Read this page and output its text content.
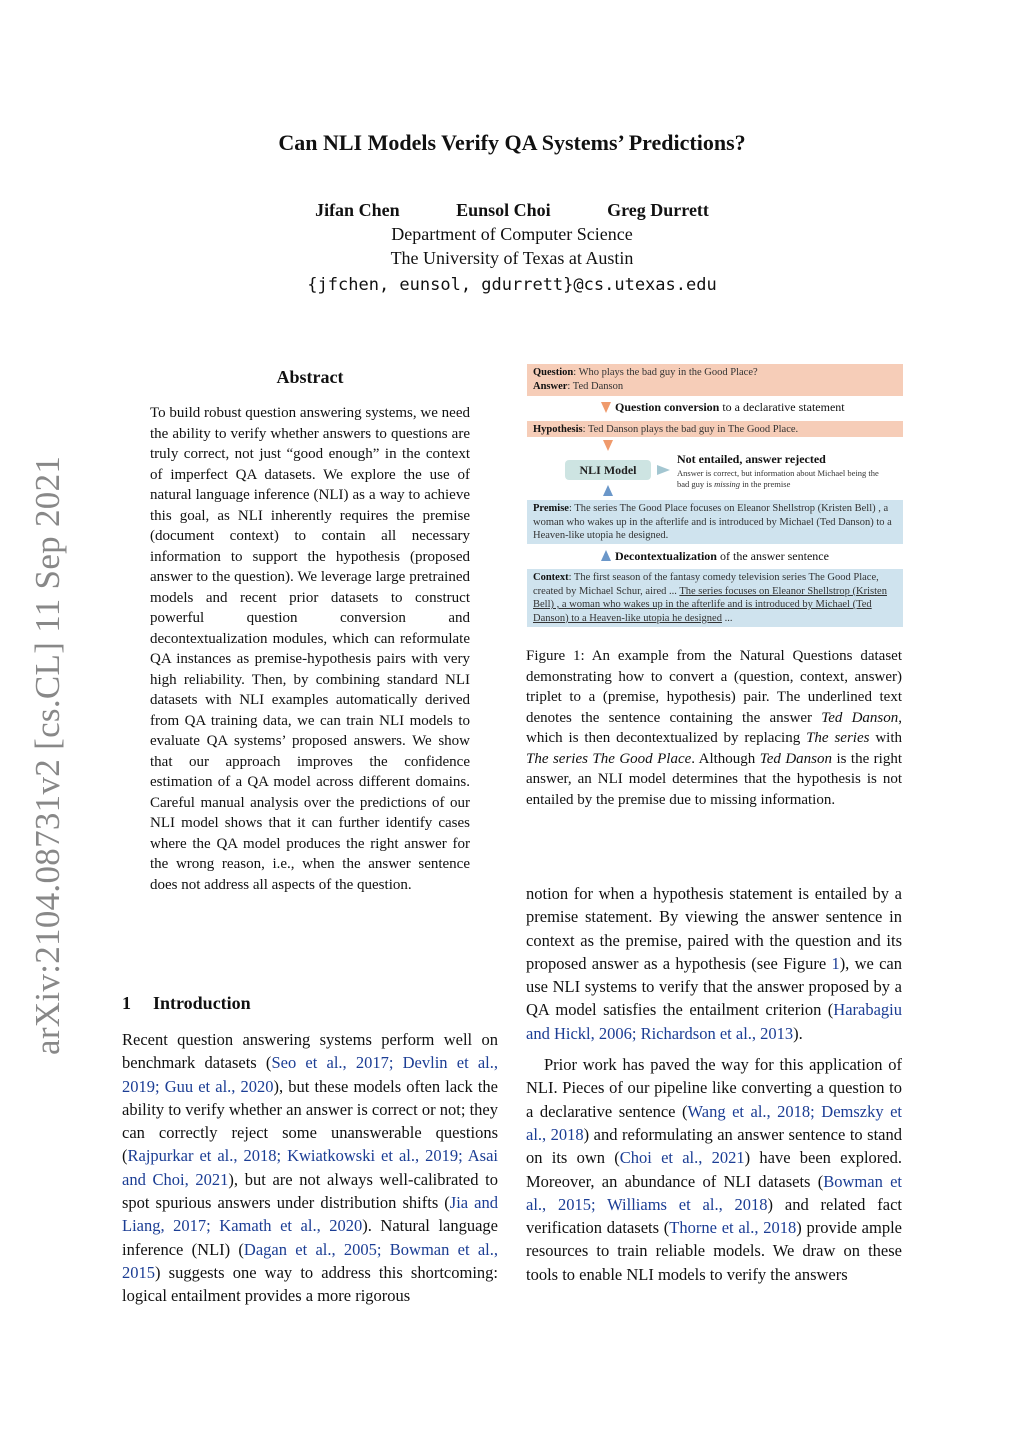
Can NLI Models Verify QA Systems’ Predictions?
Jifan Chen	Eunsol Choi	Greg Durrett
Department of Computer Science
The University of Texas at Austin
{jfchen, eunsol, gdurrett}@cs.utexas.edu
arXiv:2104.08731v2 [cs.CL] 11 Sep 2021
Abstract
To build robust question answering systems, we need the ability to verify whether answers to questions are truly correct, not just “good enough” in the context of imperfect QA datasets. We explore the use of natural language inference (NLI) as a way to achieve this goal, as NLI inherently requires the premise (document context) to contain all necessary information to support the hypothesis (proposed answer to the question). We leverage large pretrained models and recent prior datasets to construct powerful question conversion and decontextualization modules, which can reformulate QA instances as premise-hypothesis pairs with very high reliability. Then, by combining standard NLI datasets with NLI examples automatically derived from QA training data, we can train NLI models to evaluate QA systems’ proposed answers. We show that our approach improves the confidence estimation of a QA model across different domains. Careful manual analysis over the predictions of our NLI model shows that it can further identify cases where the QA model produces the right answer for the wrong reason, i.e., when the answer sentence does not address all aspects of the question.
1 Introduction

Recent question answering systems perform well on benchmark datasets (Seo et al., 2017; Devlin et al., 2019; Guu et al., 2020), but these models often lack the ability to verify whether an answer is correct or not; they can correctly reject some unanswerable questions (Rajpurkar et al., 2018; Kwiatkowski et al., 2019; Asai and Choi, 2021), but are not always well-calibrated to spot spurious answers under distribution shifts (Jia and Liang, 2017; Kamath et al., 2020). Natural language inference (NLI) (Dagan et al., 2005; Bowman et al., 2015) suggests one way to address this shortcoming: logical entailment provides a more rigorous

Question: Who plays the bad guy in the Good Place?
Answer: Ted Danson
Question conversion to a declarative statement
Hypothesis: Ted Danson plays the bad guy in The Good Place.
NLI Model
Not entailed, answer rejected
Answer is correct, but information about Michael being the bad guy is missing in the premise
Premise: The series The Good Place focuses on Eleanor Shellstrop (Kristen Bell) , a woman who wakes up in the afterlife and is introduced by Michael (Ted Danson) to a Heaven-like utopia he designed.
Decontextualization of the answer sentence
Context: The first season of the fantasy comedy television series The Good Place, created by Michael Schur, aired ... The series focuses on Eleanor Shellstrop (Kristen Bell) , a woman who wakes up in the afterlife and is introduced by Michael (Ted Danson) to a Heaven-like utopia he designed ...
Figure 1: An example from the Natural Questions dataset demonstrating how to convert a (question, context, answer) triplet to a (premise, hypothesis) pair. The underlined text denotes the sentence containing the answer Ted Danson, which is then decontextualized by replacing The series with The series The Good Place. Although Ted Danson is the right answer, an NLI model determines that the hypothesis is not entailed by the premise due to missing information.

notion for when a hypothesis statement is entailed by a premise statement. By viewing the answer sentence in context as the premise, paired with the question and its proposed answer as a hypothesis (see Figure 1), we can use NLI systems to verify that the answer proposed by a QA model satisfies the entailment criterion (Harabagiu and Hickl, 2006; Richardson et al., 2013).

Prior work has paved the way for this application of NLI. Pieces of our pipeline like converting a question to a declarative sentence (Wang et al., 2018; Demszky et al., 2018) and reformulating an answer sentence to stand on its own (Choi et al., 2021) have been explored. Moreover, an abundance of NLI datasets (Bowman et al., 2015; Williams et al., 2018) and related fact verification datasets (Thorne et al., 2018) provide ample resources to train reliable models. We draw on these tools to enable NLI models to verify the answers
